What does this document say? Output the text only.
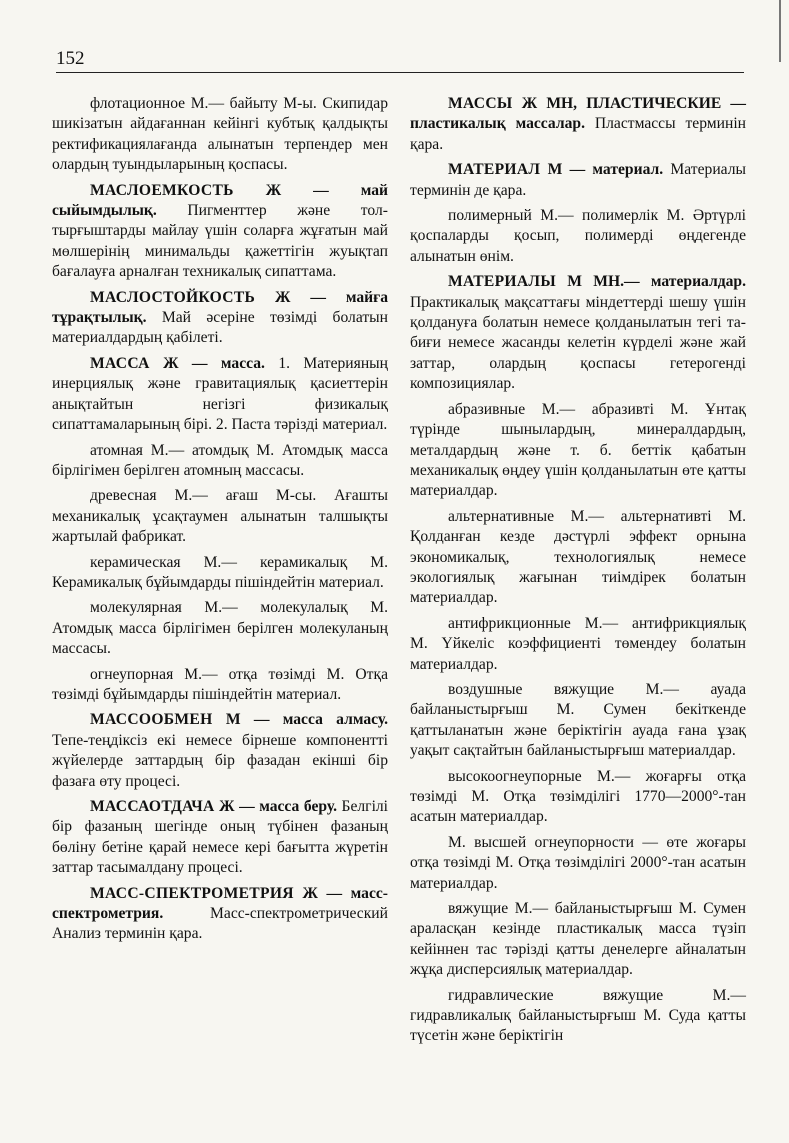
152

флотационное М.— байыту М-ы. Скипидар шикізатын айдағаннан кейінгі кубтық қалдықты ректификациялағанда алынатын терпендер мен олардың туындыларының қоспасы.

МАСЛОЕМКОСТЬ Ж — май сыйымдылық. Пигменттер және толтырғыштарды майлау үшін соларға жұғатын май мөлшерінің минимальды қажеттігін жуықтап бағалауға арналған техникалық сипаттама.

МАСЛОСТОЙКОСТЬ Ж — майға тұрақтылық. Май әсеріне төзімді болатын материалдардың қабілеті.

МАССА Ж — масса. 1. Материяның инерциялық және гравитациялық қасиеттерін анықтайтын негізгі физикалық сипаттамаларының бірі. 2. Паста тәрізді материал.

атомная М.— атомдық М. Атомдық масса бірлігімен берілген атомның массасы.

древесная М.— ағаш М-сы. Ағашты механикалық ұсақтаумен алынатын талшықты жартылай фабрикат.

керамическая М.— керамикалық М. Керамикалық бұйымдарды пішіндейтін материал.

молекулярная М.— молекулалық М. Атомдық масса бірлігімен берілген молекуланың массасы.

огнеупорная М.— отқа төзімді М. Отқа төзімді бұйымдарды пішіндейтін материал.

МАССООБМЕН М — масса алмасу. Тепе-теңдіксіз екі немесе бірнеше компонентті жүйелерде заттардың бір фазадан екінші бір фазаға өту процесі.

МАССАОТДАЧА Ж — масса беру. Белгілі бір фазаның шегінде оның түбінен фазаның бөліну бетіне қарай немесе кері бағытта жүретін заттар тасымалдану процесі.

МАСС-СПЕКТРОМЕТРИЯ Ж — масс-спектрометрия.	Масс-спектрометрический Анализ терминін қара.

МАССЫ Ж МН, ПЛАСТИЧЕСКИЕ — пластикалық массалар. Пластмассы терминін қара.

МАТЕРИАЛ М — материал. Материалы терминін де қара.

полимерный М.— полимерлік М. Әртүрлі қоспаларды қосып, полимерді өңдегенде алынатын өнім.

МАТЕРИАЛЫ М МН.— материалдар. Практикалық мақсаттағы міндеттерді шешу үшін қолдануға болатын немесе қолданылатын тегі табиғи немесе жасанды келетін күрделі және жай заттар, олардың қоспасы гетерогенді композициялар.

абразивные М.— абразивті М. Ұнтақ түрінде шынылардың, минералдардың, металдардың және т. б. беттік қабатын механикалық өңдеу үшін қолданылатын өте қатты материалдар.

альтернативные М.— альтернативті М. Қолданған кезде дәстүрлі эффект орнына экономикалық, технологиялық немесе экологиялық жағынан тиімдірек болатын материалдар.

антифрикционные М.— антифрикциялық М. Үйкеліс коэффициенті төмендеу болатын материалдар.

воздушные вяжущие М.— ауада байланыстырғыш М. Сумен бекіткенде қаттыланатын және беріктігін ауада ғана ұзақ уақыт сақтайтын байланыстырғыш материалдар.

высокоогнеупорные М.— жоғарғы отқа төзімді М. Отқа төзімділігі 1770—2000°-тан асатын материалдар.

М. высшей огнеупорности — өте жоғары отқа төзімді М. Отқа төзімділігі 2000°-тан асатын материалдар.

вяжущие М.— байланыстырғыш М. Сумен араласқан кезінде пластикалық масса түзіп кейіннен тас тәрізді қатты денелерге айналатын жұқа дисперсиялық материалдар.

гидравлические вяжущие М.— гидравликалық байланыстырғыш М. Суда қатты түсетін және беріктігін
